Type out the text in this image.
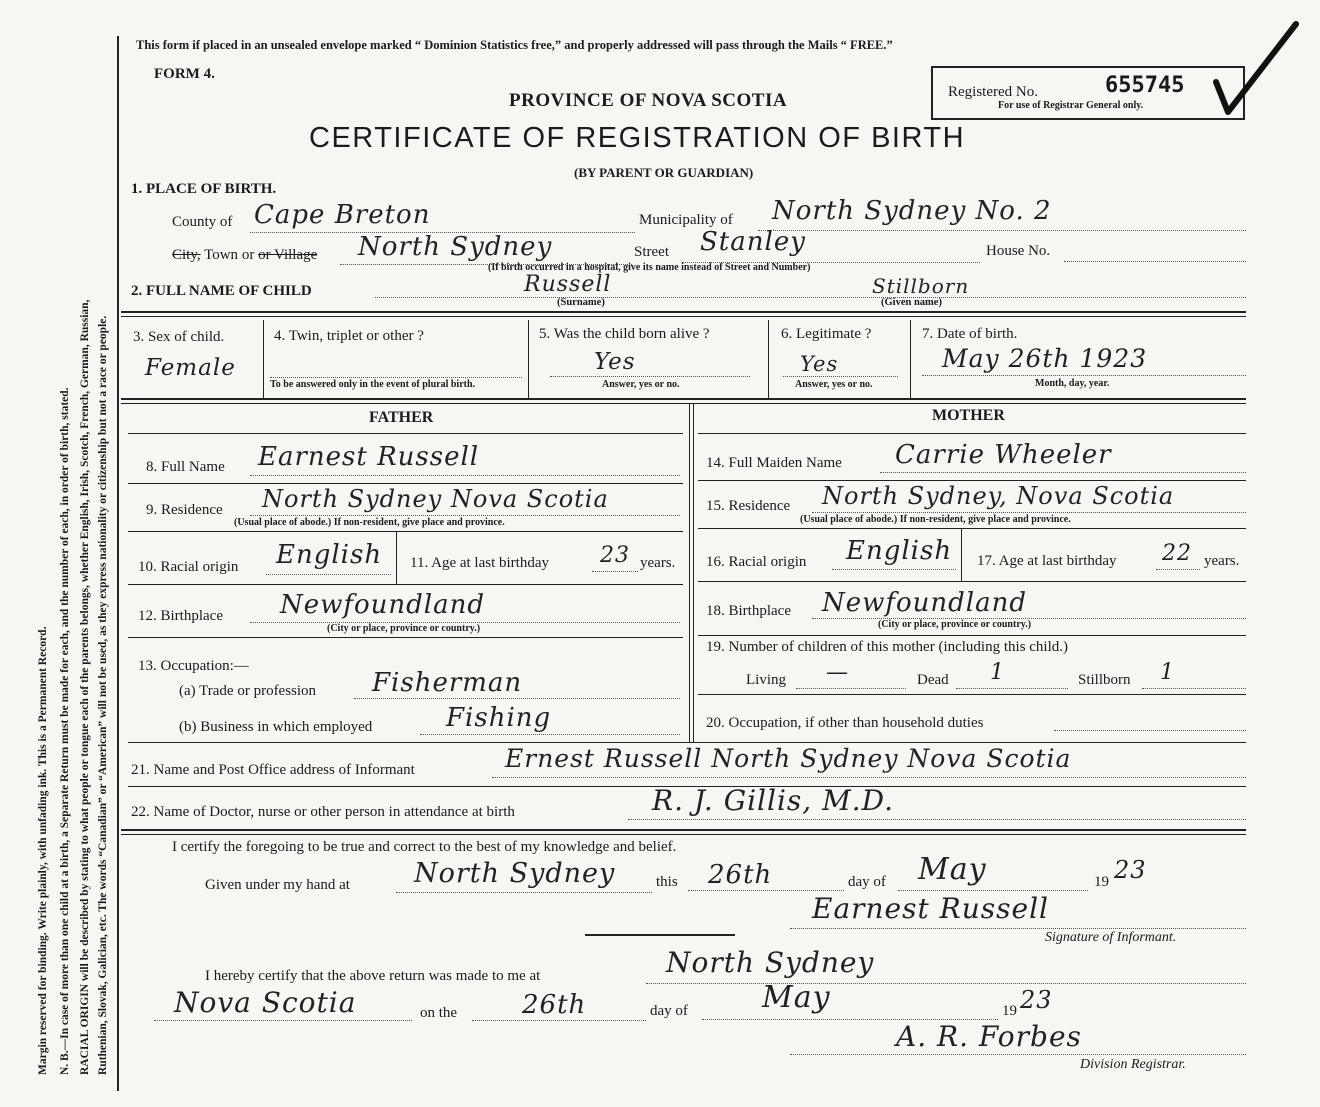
Margin reserved for binding. Write plainly, with unfading ink. This is a Permanent Record. N. B.—In case of more than one child at a birth, a Separate Return must be made for each, and the number of each, in order of birth, stated. RACIAL ORIGIN will be described by stating to what people or tongue each of the parents belongs, whether English, Irish, Scotch, French, German, Russian, Ruthenian, Slovak, Galician, etc. The words “Canadian” or “American” will not be used, as they express nationality or citizenship but not a race or people.
This form if placed in an unsealed envelope marked “ Dominion Statistics free,” and properly addressed will pass through the Mails “ FREE.”
FORM 4.
PROVINCE OF NOVA SCOTIA
CERTIFICATE OF REGISTRATION OF BIRTH
(BY PARENT OR GUARDIAN)
Registered No.	655745
For use of Registrar General only.
1. PLACE OF BIRTH.
County of Cape Breton	Municipality of North Sydney No. 2
City, Town or or Village North Sydney	Street Stanley	House No.
(If birth occurred in a hospital, give its name instead of Street and Number)
2. FULL NAME OF CHILD	Russell
(Surname)
Stillborn
(Given name)
3. Sex of child.
Female
4. Twin, triplet or other ?
To be answered only in the event of plural birth.
5. Was the child born alive ?
Yes
Answer, yes or no.
6. Legitimate ?
Yes
Answer, yes or no.
7. Date of birth.
May 26th 1923
Month, day, year.
FATHER	MOTHER
8. Full Name Earnest Russell	14. Full Maiden Name Carrie Wheeler
9. Residence North Sydney Nova Scotia
(Usual place of abode.) If non-resident, give place and province.
15. Residence North Sydney, Nova Scotia
(Usual place of abode.) If non-resident, give place and province.
10. Racial origin English 11. Age at last birthday 23 years. 16. Racial origin English 17. Age at last birthday 22 years.
12. Birthplace Newfoundland
(City or place, province or country.)
18. Birthplace Newfoundland
(City or place, province or country.)
13. Occupation:—
(a) Trade or profession Fisherman
(b) Business in which employed	Fishing
19. Number of children of this mother (including this child.)
Living —	Dead 1	Stillborn 1
20. Occupation, if other than household duties
21. Name and Post Office address of Informant	Ernest Russell North Sydney Nova Scotia
22. Name of Doctor, nurse or other person in attendance at birth	R. J. Gillis, M.D.
I certify the foregoing to be true and correct to the best of my knowledge and belief.
Given under my hand at North Sydney	this 26th	day of May	19 23
Earnest Russell
Signature of Informant.
I hereby certify that the above return was made to me at	North Sydney
Nova Scotia	on the 26th	day of May	19 23
A. R. Forbes
Division Registrar.
